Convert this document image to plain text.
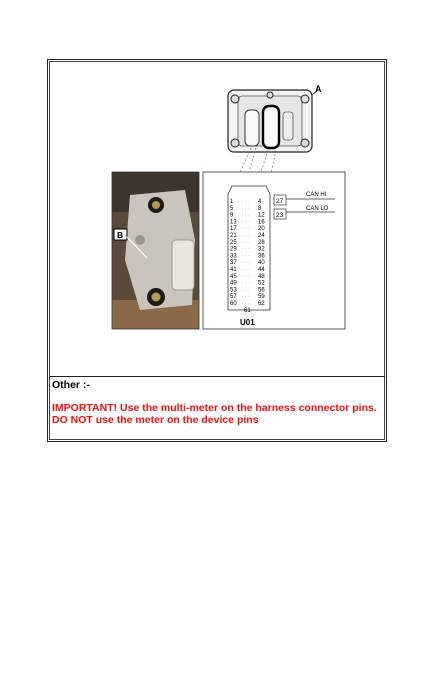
A
B
1 · · · 4
5 · · · 8
9 · · · 12
13 · · · 16
17 · · · 20
21 · · · 24
25 · · · 28
29 · · · 32
33 · · · 36
37 · · · 40
41 · · · 44
45 · · · 48
49 · · · 52
53 · · · 56
57 · · · 59
60 · · · 62
61
U01
27
CAN HI
23
CAN LO
Other :-
IMPORTANT! Use the multi-meter on the harness connector pins. DO NOT use the meter on the device pins
